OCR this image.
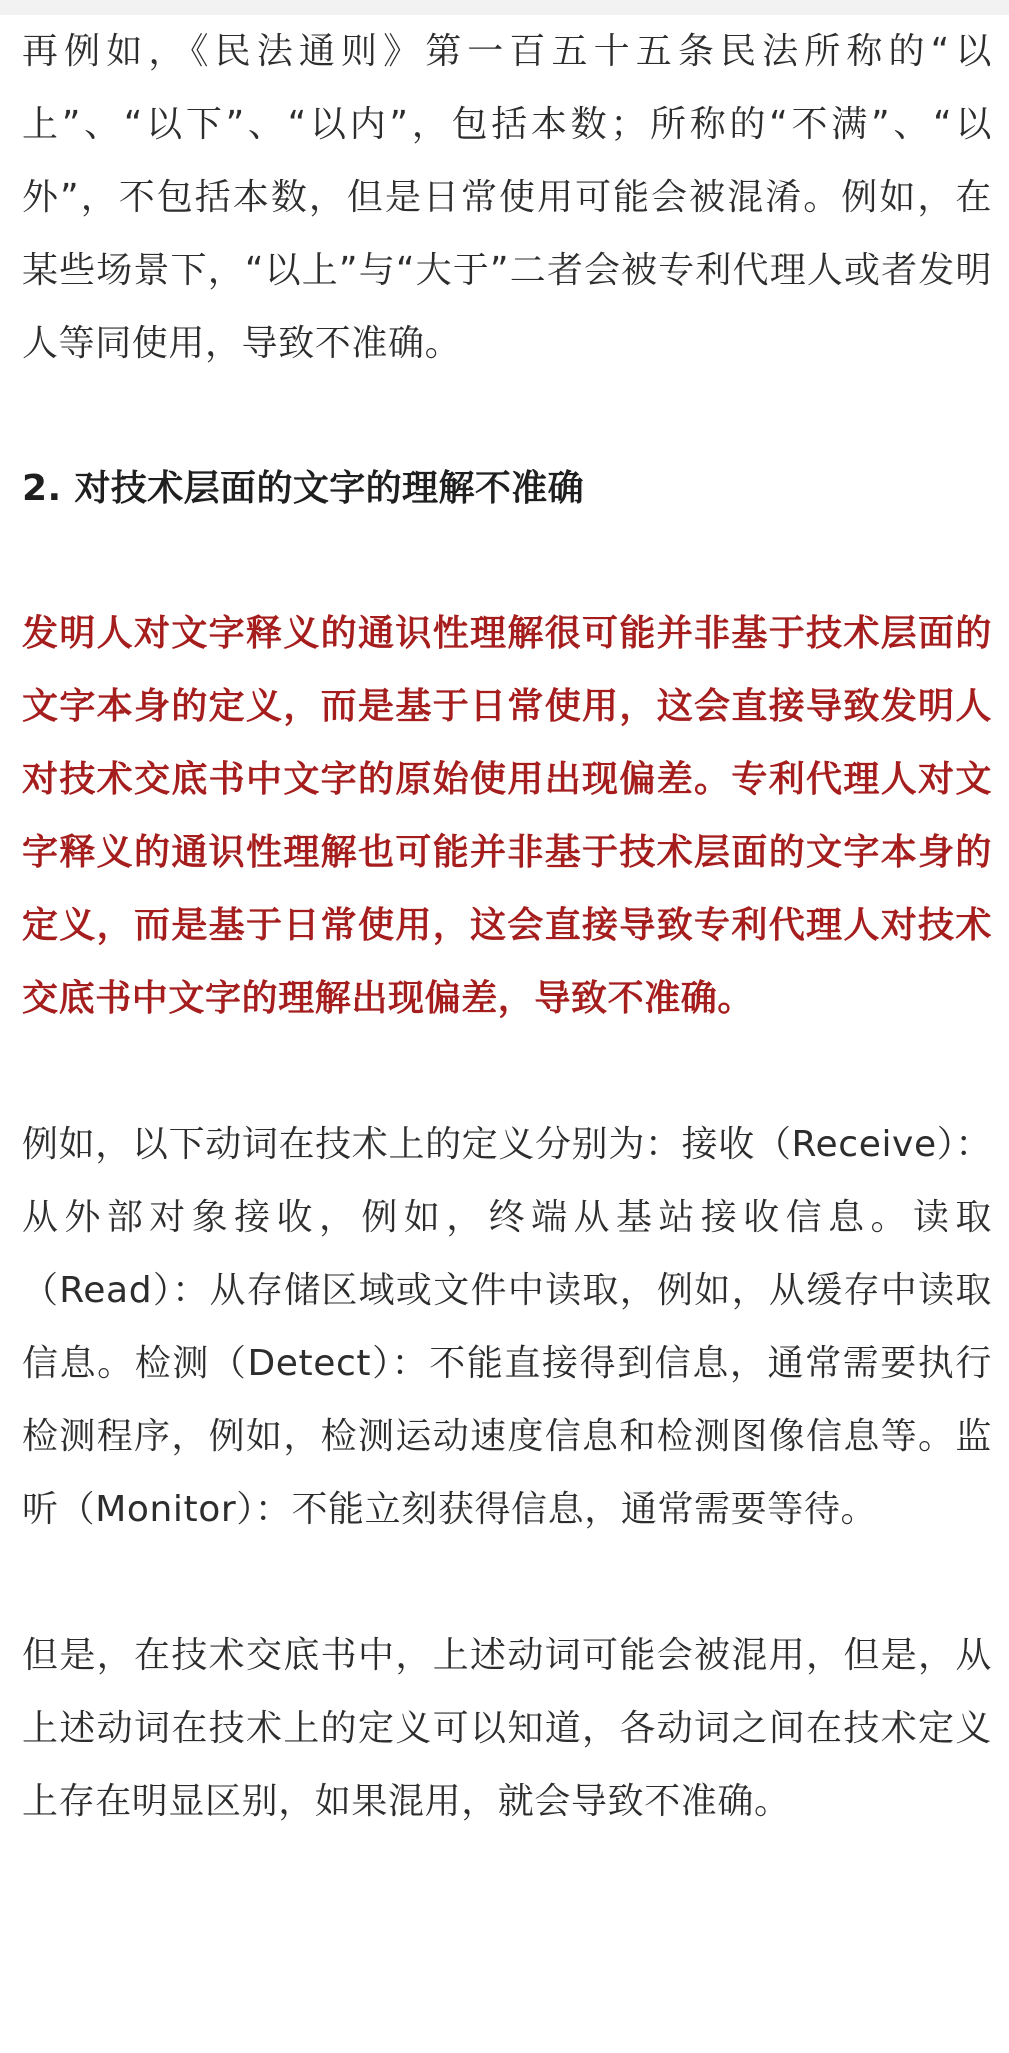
再例如，《民法通则》第一百五十五条民法所称的“以上”、“以下”、“以内”，包括本数；所称的“不满”、“以外”，不包括本数，但是日常使用可能会被混淆。例如，在某些场景下，“以上”与“大于”二者会被专利代理人或者发明人等同使用，导致不准确。

2. 对技术层面的文字的理解不准确

发明人对文字释义的通识性理解很可能并非基于技术层面的文字本身的定义，而是基于日常使用，这会直接导致发明人对技术交底书中文字的原始使用出现偏差。专利代理人对文字释义的通识性理解也可能并非基于技术层面的文字本身的定义，而是基于日常使用，这会直接导致专利代理人对技术交底书中文字的理解出现偏差，导致不准确。

例如，以下动词在技术上的定义分别为：接收（Receive）：从外部对象接收，例如，终端从基站接收信息。读取（Read）：从存储区域或文件中读取，例如，从缓存中读取信息。检测（Detect）：不能直接得到信息，通常需要执行检测程序，例如，检测运动速度信息和检测图像信息等。监听（Monitor）：不能立刻获得信息，通常需要等待。

但是，在技术交底书中，上述动词可能会被混用，但是，从上述动词在技术上的定义可以知道，各动词之间在技术定义上存在明显区别，如果混用，就会导致不准确。
